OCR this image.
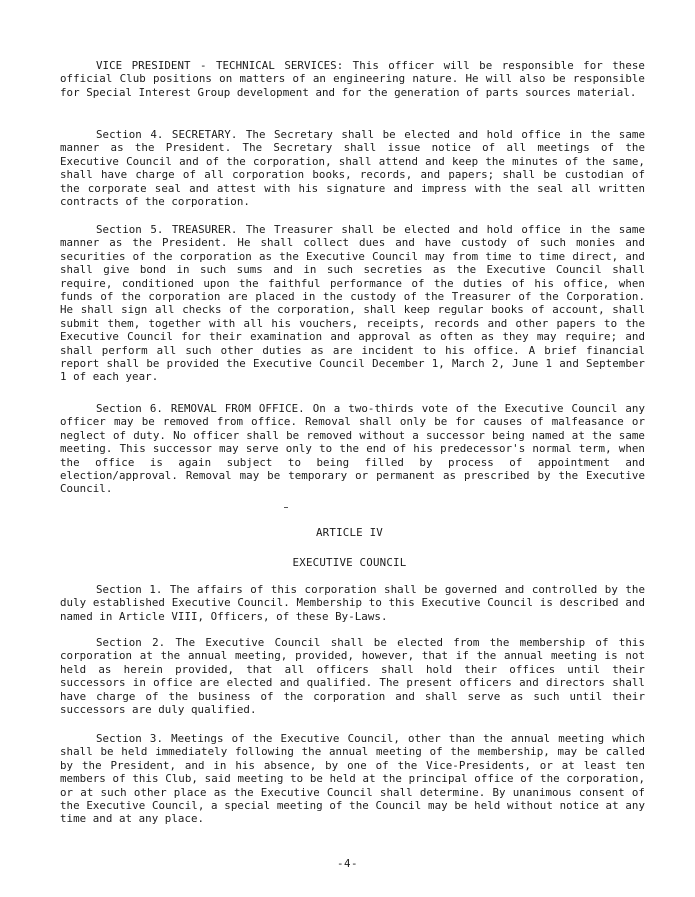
VICE PRESIDENT - TECHNICAL SERVICES: This officer will be responsible for these official Club positions on matters of an engineering nature. He will also be responsible for Special Interest Group development and for the generation of parts sources material.

Section 4. SECRETARY. The Secretary shall be elected and hold office in the same manner as the President. The Secretary shall issue notice of all meetings of the Executive Council and of the corporation, shall attend and keep the minutes of the same, shall have charge of all corporation books, records, and papers; shall be custodian of the corporate seal and attest with his signature and impress with the seal all written contracts of the corporation.

Section 5. TREASURER. The Treasurer shall be elected and hold office in the same manner as the President. He shall collect dues and have custody of such monies and securities of the corporation as the Executive Council may from time to time direct, and shall give bond in such sums and in such secreties as the Executive Council shall require, conditioned upon the faithful performance of the duties of his office, when funds of the corporation are placed in the custody of the Treasurer of the Corporation. He shall sign all checks of the corporation, shall keep regular books of account, shall submit them, together with all his vouchers, receipts, records and other papers to the Executive Council for their examination and approval as often as they may require; and shall perform all such other duties as are incident to his office. A brief financial report shall be provided the Executive Council December 1, March 2, June 1 and September 1 of each year.

Section 6. REMOVAL FROM OFFICE. On a two-thirds vote of the Executive Council any officer may be removed from office. Removal shall only be for causes of malfeasance or neglect of duty. No officer shall be removed without a successor being named at the same meeting. This successor may serve only to the end of his predecessor's normal term, when the office is again subject to being filled by process of appointment and election/approval. Removal may be temporary or permanent as prescribed by the Executive Council.

ARTICLE IV
EXECUTIVE COUNCIL

Section 1. The affairs of this corporation shall be governed and controlled by the duly established Executive Council. Membership to this Executive Council is described and named in Article VIII, Officers, of these By-Laws.

Section 2. The Executive Council shall be elected from the membership of this corporation at the annual meeting, provided, however, that if the annual meeting is not held as herein provided, that all officers shall hold their offices until their successors in office are elected and qualified. The present officers and directors shall have charge of the business of the corporation and shall serve as such until their successors are duly qualified.

Section 3. Meetings of the Executive Council, other than the annual meeting which shall be held immediately following the annual meeting of the membership, may be called by the President, and in his absence, by one of the Vice-Presidents, or at least ten members of this Club, said meeting to be held at the principal office of the corporation, or at such other place as the Executive Council shall determine. By unanimous consent of the Executive Council, a special meeting of the Council may be held without notice at any time and at any place.

-4-
